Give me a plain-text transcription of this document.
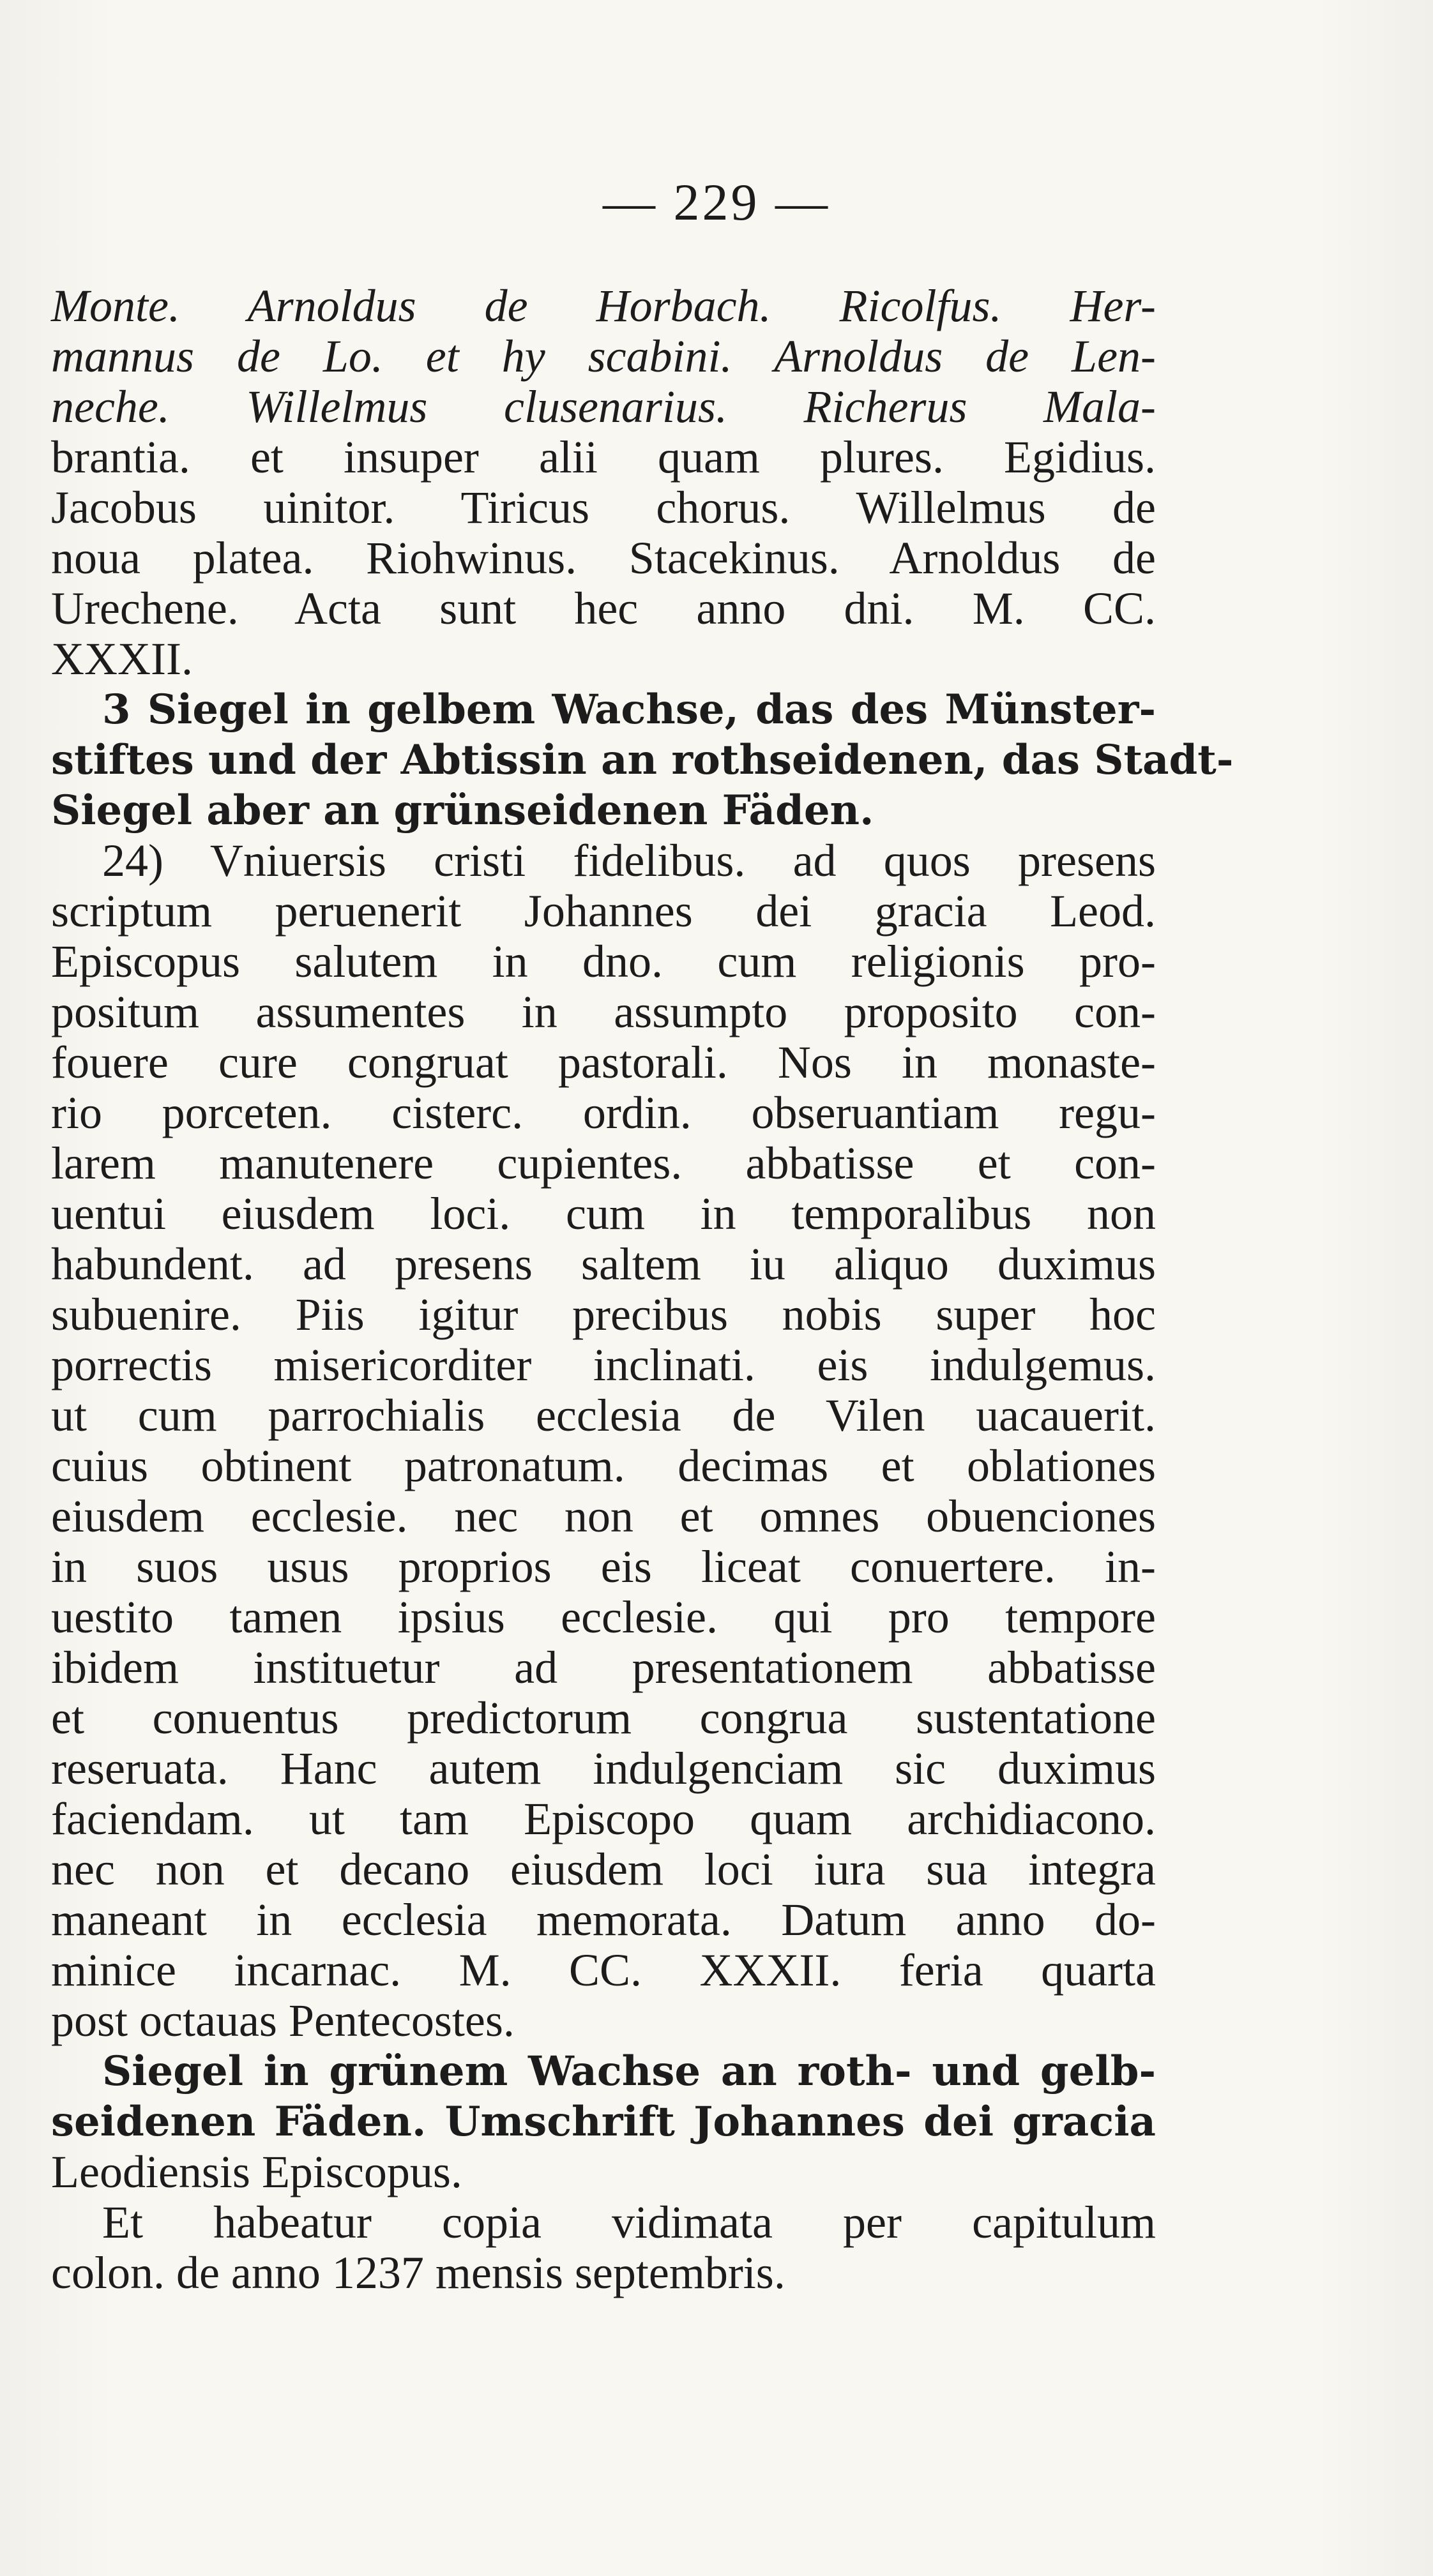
— 229 —
Monte. Arnoldus de Horbach. Ricolfus. Her-
mannus de Lo. et hy scabini. Arnoldus de Len-
neche. Willelmus clusenarius. Richerus Mala-
brantia. et insuper alii quam plures. Egidius.
Jacobus uinitor. Tiricus chorus. Willelmus de
noua platea. Riohwinus. Stacekinus. Arnoldus de
Urechene. Acta sunt hec anno dni. M. CC.
XXXII.
3 Siegel in gelbem Wachse, das des Münster-
stiftes und der Abtissin an rothseidenen, das Stadt-
Siegel aber an grünseidenen Fäden.
24) Vniuersis cristi fidelibus. ad quos presens
scriptum peruenerit Johannes dei gracia Leod.
Episcopus salutem in dno. cum religionis pro-
positum assumentes in assumpto proposito con-
fouere cure congruat pastorali. Nos in monaste-
rio porceten. cisterc. ordin. obseruantiam regu-
larem manutenere cupientes. abbatisse et con-
uentui eiusdem loci. cum in temporalibus non
habundent. ad presens saltem iu aliquo duximus
subuenire. Piis igitur precibus nobis super hoc
porrectis misericorditer inclinati. eis indulgemus.
ut cum parrochialis ecclesia de Vilen uacauerit.
cuius obtinent patronatum. decimas et oblationes
eiusdem ecclesie. nec non et omnes obuenciones
in suos usus proprios eis liceat conuertere. in-
uestito tamen ipsius ecclesie. qui pro tempore
ibidem instituetur ad presentationem abbatisse
et conuentus predictorum congrua sustentatione
reseruata. Hanc autem indulgenciam sic duximus
faciendam. ut tam Episcopo quam archidiacono.
nec non et decano eiusdem loci iura sua integra
maneant in ecclesia memorata. Datum anno do-
minice incarnac. M. CC. XXXII. feria quarta
post octauas Pentecostes.
Siegel in grünem Wachse an roth- und gelb-
seidenen Fäden. Umschrift Johannes dei gracia
Leodiensis Episcopus.
Et habeatur copia vidimata per capitulum
colon. de anno 1237 mensis septembris.
